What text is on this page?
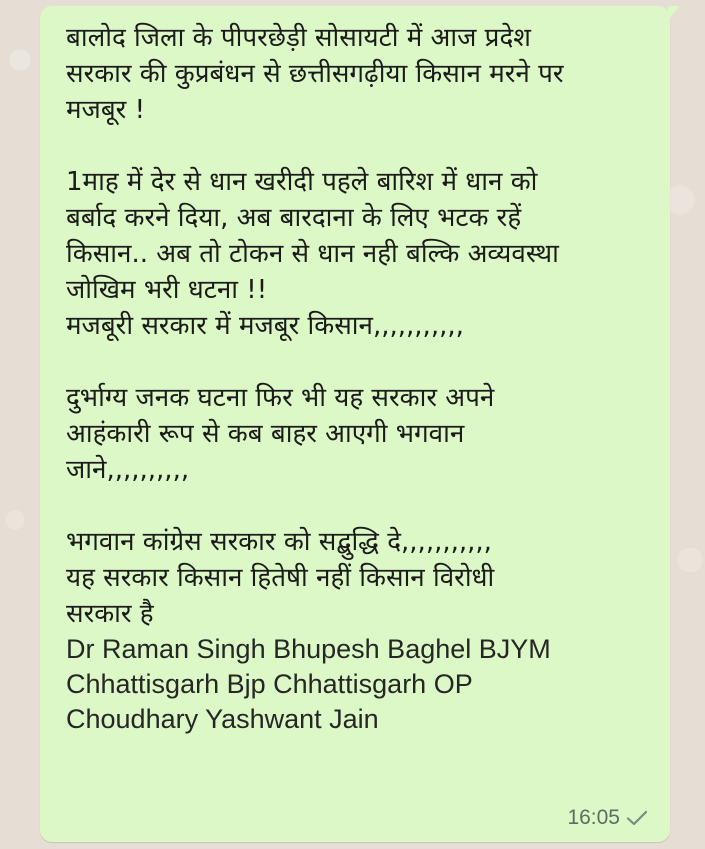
बालोद जिला के पीपरछेड़ी सोसायटी में आज प्रदेश
सरकार की कुप्रबंधन से छत्तीसगढ़ीया किसान मरने पर
मजबूर !

1माह में देर से धान खरीदी पहले बारिश में धान को
बर्बाद करने दिया, अब बारदाना के लिए भटक रहें
किसान.. अब तो टोकन से धान नही बल्कि अव्यवस्था
जोखिम भरी धटना !!
मजबूरी सरकार में मजबूर किसान,,,,,,,,,,,

दुर्भाग्य जनक घटना फिर भी यह सरकार अपने
आहंकारी रूप से कब बाहर आएगी भगवान
जाने,,,,,,,,,,

भगवान कांग्रेस सरकार को सद्बुद्धि दे,,,,,,,,,,,
यह सरकार किसान हितेषी नहीं किसान विरोधी
सरकार है

Dr Raman Singh Bhupesh Baghel BJYM Chhattisgarh Bjp Chhattisgarh OP Choudhary Yashwant Jain

16:05
